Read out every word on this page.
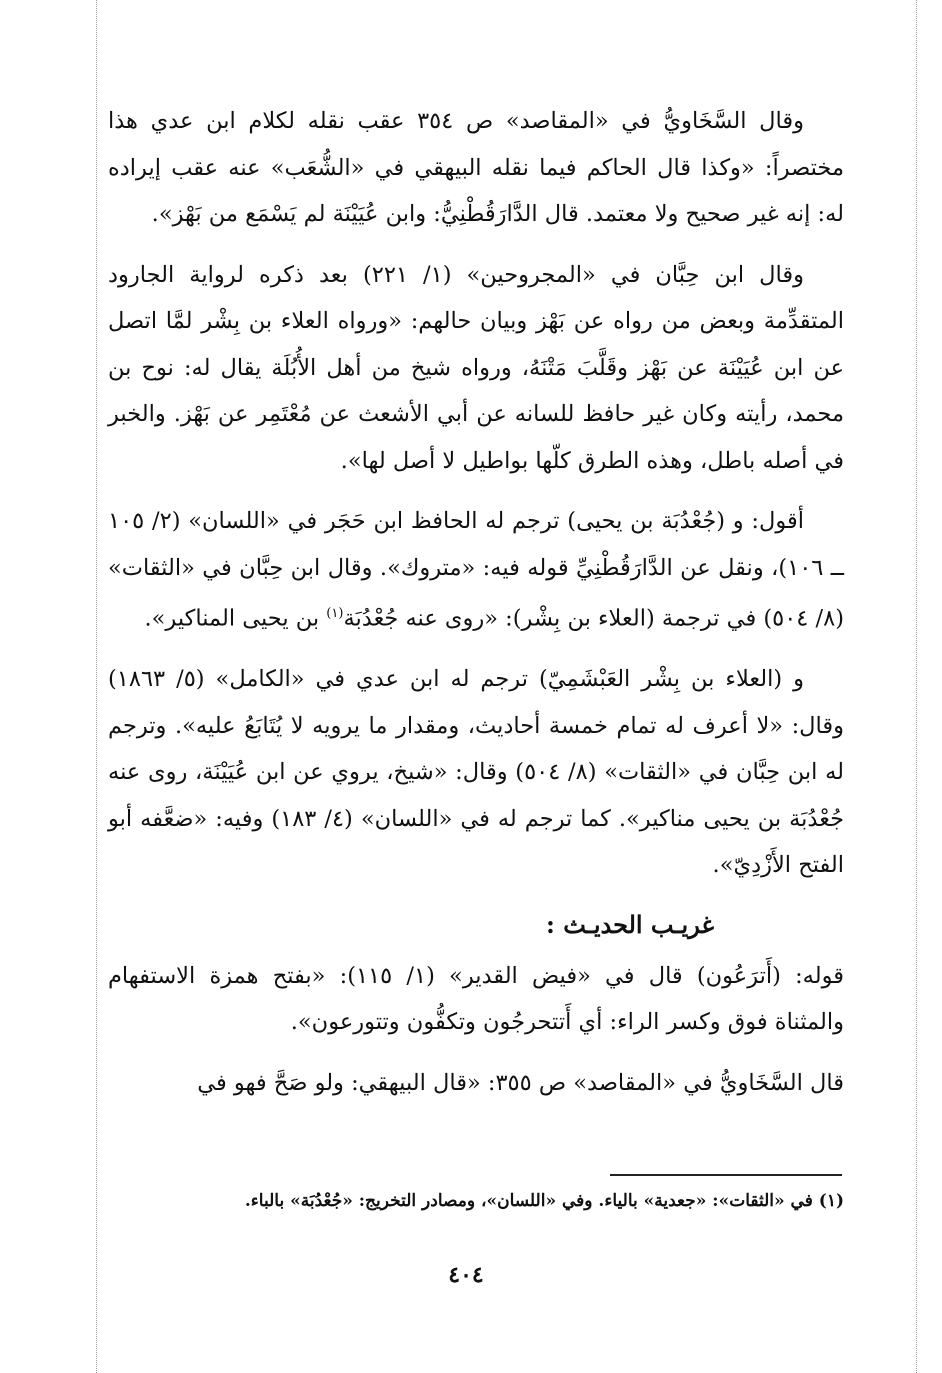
وقال السَّخَاويُّ في «المقاصد» ص ٣٥٤ عقب نقله لكلام ابن عدي هذا مختصراً: «وكذا قال الحاكم فيما نقله البيهقي في «الشُّعَب» عنه عقب إيراده له: إنه غير صحيح ولا معتمد. قال الدَّارَقُطْنِيُّ: وابن عُيَيْنَة لم يَسْمَع من بَهْز».

وقال ابن حِبَّان في «المجروحين» (١/ ٢٢١) بعد ذكره لرواية الجارود المتقدِّمة وبعض من رواه عن بَهْز وبيان حالهم: «ورواه العلاء بن بِشْر لمَّا اتصل عن ابن عُيَيْنَة عن بَهْز وقَلَّبَ مَتْنَهُ، ورواه شيخ من أهل الأُبُلَة يقال له: نوح بن محمد، رأيته وكان غير حافظ للسانه عن أبي الأشعث عن مُعْتَمِر عن بَهْز. والخبر في أصله باطل، وهذه الطرق كلّها بواطيل لا أصل لها».

أقول: و (جُعْدُبَة بن يحيى) ترجم له الحافظ ابن حَجَر في «اللسان» (٢/ ١٠٥ ــ ١٠٦)، ونقل عن الدَّارَقُطْنِيِّ قوله فيه: «متروك». وقال ابن حِبَّان في «الثقات» (٨/ ٥٠٤) في ترجمة (العلاء بن بِشْر): «روى عنه جُعْدُبَة$^{(١)}$ بن يحيى المناكير».

و (العلاء بن بِشْر العَبْشَمِيّ) ترجم له ابن عدي في «الكامل» (٥/ ١٨٦٣) وقال: «لا أعرف له تمام خمسة أحاديث، ومقدار ما يرويه لا يُتَابَعُ عليه». وترجم له ابن حِبَّان في «الثقات» (٨/ ٥٠٤) وقال: «شيخ، يروي عن ابن عُيَيْنَة، روى عنه جُعْدُبَة بن يحيى مناكير». كما ترجم له في «اللسان» (٤/ ١٨٣) وفيه: «ضعَّفه أبو الفتح الأَزْدِيّ».

غريـب الحديـث :

قوله: (أَترَعُون) قال في «فيض القدير» (١/ ١١٥): «بفتح همزة الاستفهام والمثناة فوق وكسر الراء: أي أَتتحرجُون وتكفُّون وتتورعون».

قال السَّخَاويُّ في «المقاصد» ص ٣٥٥: «قال البيهقي: ولو صَحَّ فهو في

(١) في «الثقات»: «جعدية» بالياء. وفي «اللسان»، ومصادر التخريج: «جُعْدُبَة» بالباء.
٤٠٤
